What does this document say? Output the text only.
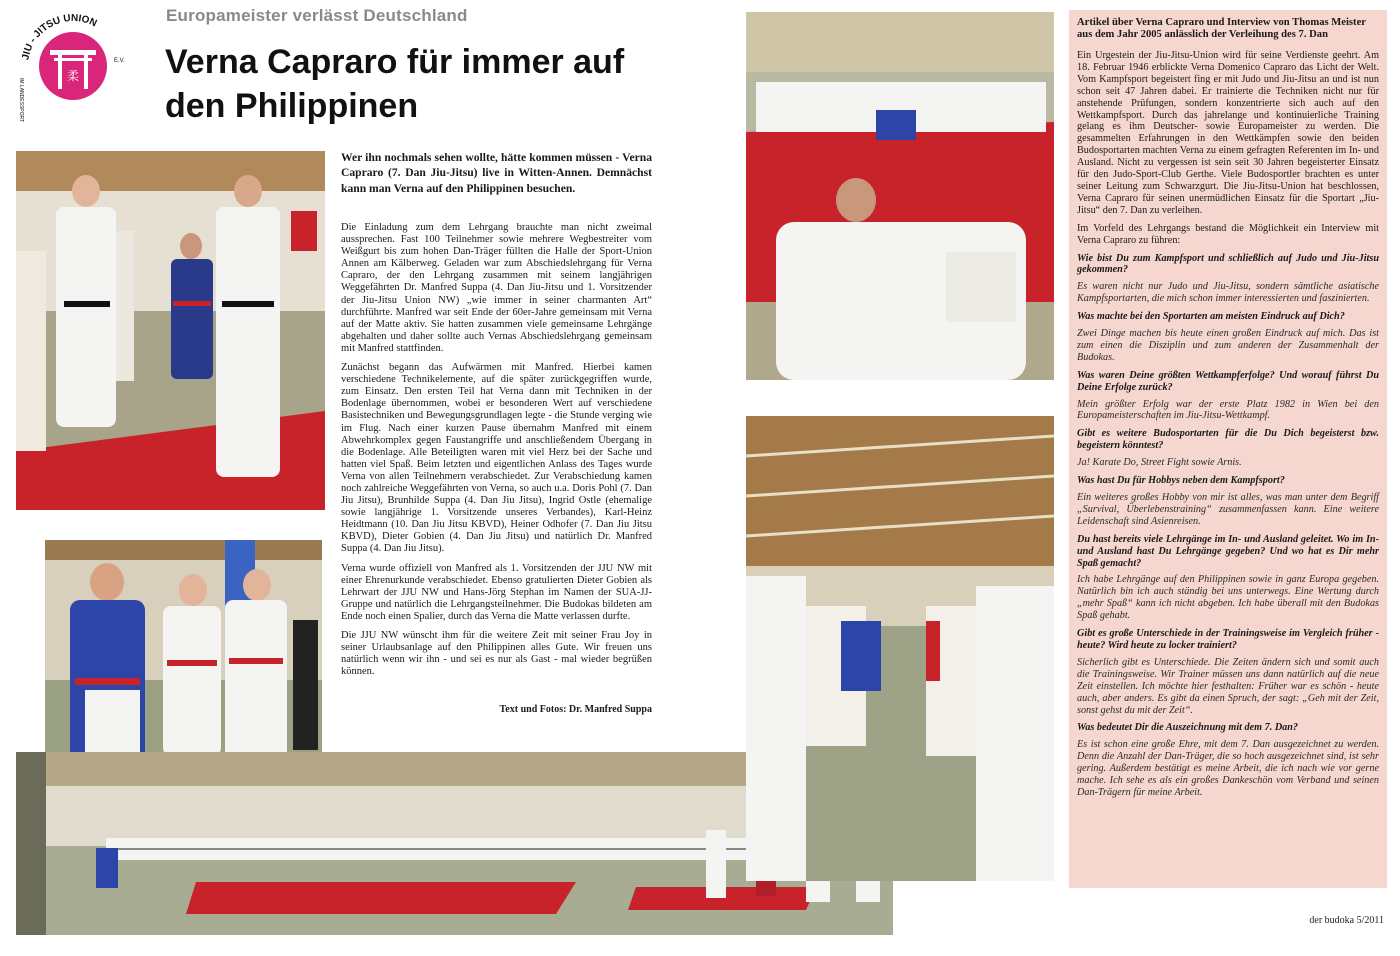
柔
JIU - JITSU UNION
E.V.
IM LANDESSPORTBUND
Europameister verlässt Deutschland
Verna Capraro für immer auf den Philippinen

Wer ihn nochmals sehen wollte, hätte kommen müssen - Verna Capraro (7. Dan Jiu-Jitsu) live in Witten-Annen. Demnächst kann man Verna auf den Philippinen besuchen.

Die Einladung zum dem Lehrgang brauchte man nicht zweimal aussprechen. Fast 100 Teilnehmer sowie mehrere Wegbestreiter vom Weißgurt bis zum hohen Dan-Träger füllten die Halle der Sport-Union Annen am Kälberweg. Geladen war zum Abschiedslehrgang für Verna Capraro, der den Lehrgang zusammen mit seinem langjährigen Weggefährten Dr. Manfred Suppa (4. Dan Jiu-Jitsu und 1. Vorsitzender der Jiu-Jitsu Union NW) „wie immer in seiner charmanten Art“ durchführte. Manfred war seit Ende der 60er-Jahre gemeinsam mit Verna auf der Matte aktiv. Sie hatten zusammen viele gemeinsame Lehrgänge abgehalten und daher sollte auch Vernas Abschiedslehrgang gemeinsam mit Manfred stattfinden.

Zunächst begann das Aufwärmen mit Manfred. Hierbei kamen verschiedene Technikelemente, auf die später zurückgegriffen wurde, zum Einsatz. Den ersten Teil hat Verna dann mit Techniken in der Bodenlage übernommen, wobei er besonderen Wert auf verschiedene Basistechniken und Bewegungsgrundlagen legte - die Stunde verging wie im Flug. Nach einer kurzen Pause übernahm Manfred mit einem Abwehrkomplex gegen Faustangriffe und anschließendem Übergang in die Bodenlage. Alle Beteiligten waren mit viel Herz bei der Sache und hatten viel Spaß. Beim letzten und eigentlichen Anlass des Tages wurde Verna von allen Teilnehmern verabschiedet. Zur Verabschiedung kamen noch zahlreiche Weggefährten von Verna, so auch u.a. Doris Pohl (7. Dan Jiu Jitsu), Brunhilde Suppa (4. Dan Jiu Jitsu), Ingrid Ostle (ehemalige sowie langjährige 1. Vorsitzende unseres Verbandes), Karl-Heinz Heidtmann (10. Dan Jiu Jitsu KBVD), Heiner Odhofer (7. Dan Jiu Jitsu KBVD), Dieter Gobien (4. Dan Jiu Jitsu) und natürlich Dr. Manfred Suppa (4. Dan Jiu Jitsu).

Verna wurde offiziell von Manfred als 1. Vorsitzenden der JJU NW mit einer Ehrenurkunde verabschiedet. Ebenso gratulierten Dieter Gobien als Lehrwart der JJU NW und Hans-Jörg Stephan im Namen der SUA-JJ-Gruppe und natürlich die Lehrgangsteilnehmer. Die Budokas bildeten am Ende noch einen Spalier, durch das Verna die Matte verlassen durfte.

Die JJU NW wünscht ihm für die weitere Zeit mit seiner Frau Joy in seiner Urlaubsanlage auf den Philippinen alles Gute. Wir freuen uns natürlich wenn wir ihn - und sei es nur als Gast - mal wieder begrüßen können.

Text und Fotos: Dr. Manfred Suppa
Artikel über Verna Capraro und Interview von Thomas Meister aus dem Jahr 2005 anlässlich der Verleihung des 7. Dan

Ein Urgestein der Jiu-Jitsu-Union wird für seine Verdienste geehrt. Am 18. Februar 1946 erblickte Verna Domenico Capraro das Licht der Welt. Vom Kampfsport begeistert fing er mit Judo und Jiu-Jitsu an und ist nun schon seit 47 Jahren dabei. Er trainierte die Techniken nicht nur für anstehende Prüfungen, sondern konzentrierte sich auch auf den Wettkampfsport. Durch das jahrelange und kontinuierliche Training gelang es ihm Deutscher- sowie Europameister zu werden. Die gesammelten Erfahrungen in den Wettkämpfen sowie den beiden Budosportarten machten Verna zu einem gefragten Referenten im In- und Ausland. Nicht zu vergessen ist sein seit 30 Jahren begeisterter Einsatz für den Judo-Sport-Club Gerthe. Viele Budosportler brachten es unter seiner Leitung zum Schwarzgurt. Die Jiu-Jitsu-Union hat beschlossen, Verna Capraro für seinen unermüdlichen Einsatz für die Sportart „Jiu-Jitsu“ den 7. Dan zu verleihen.

Im Vorfeld des Lehrgangs bestand die Möglichkeit ein Interview mit Verna Capraro zu führen:

Wie bist Du zum Kampfsport und schließlich auf Judo und Jiu-Jitsu gekommen?

Es waren nicht nur Judo und Jiu-Jitsu, sondern sämtliche asiatische Kampfsportarten, die mich schon immer interessierten und faszinierten.

Was machte bei den Sportarten am meisten Eindruck auf Dich?

Zwei Dinge machen bis heute einen großen Eindruck auf mich. Das ist zum einen die Disziplin und zum anderen der Zusammenhalt der Budokas.

Was waren Deine größten Wettkampferfolge? Und worauf führst Du Deine Erfolge zurück?

Mein größter Erfolg war der erste Platz 1982 in Wien bei den Europameisterschaften im Jiu-Jitsu-Wettkampf.

Gibt es weitere Budosportarten für die Du Dich begeisterst bzw. begeistern könntest?

Ja! Karate Do, Street Fight sowie Arnis.

Was hast Du für Hobbys neben dem Kampfsport?

Ein weiteres großes Hobby von mir ist alles, was man unter dem Begriff „Survival, Überlebenstraining“ zusammenfassen kann. Eine weitere Leidenschaft sind Asienreisen.

Du hast bereits viele Lehrgänge im In- und Ausland geleitet. Wo im In- und Ausland hast Du Lehrgänge gegeben? Und wo hat es Dir mehr Spaß gemacht?

Ich habe Lehrgänge auf den Philippinen sowie in ganz Europa gegeben. Natürlich bin ich auch ständig bei uns unterwegs. Eine Wertung durch „mehr Spaß“ kann ich nicht abgeben. Ich habe überall mit den Budokas Spaß gehabt.

Gibt es große Unterschiede in der Trainingsweise im Vergleich früher - heute? Wird heute zu locker trainiert?

Sicherlich gibt es Unterschiede. Die Zeiten ändern sich und somit auch die Trainingsweise. Wir Trainer müssen uns dann natürlich auf die neue Zeit einstellen. Ich möchte hier festhalten: Früher war es schön - heute auch, aber anders. Es gibt da einen Spruch, der sagt: „Geh mit der Zeit, sonst gehst du mit der Zeit“.

Was bedeutet Dir die Auszeichnung mit dem 7. Dan?

Es ist schon eine große Ehre, mit dem 7. Dan ausgezeichnet zu werden. Denn die Anzahl der Dan-Träger, die so hoch ausgezeichnet sind, ist sehr gering. Außerdem bestätigt es meine Arbeit, die ich nach wie vor gerne mache. Ich sehe es als ein großes Dankeschön vom Verband und seinen Dan-Trägern für meine Arbeit.

der budoka 5/2011
